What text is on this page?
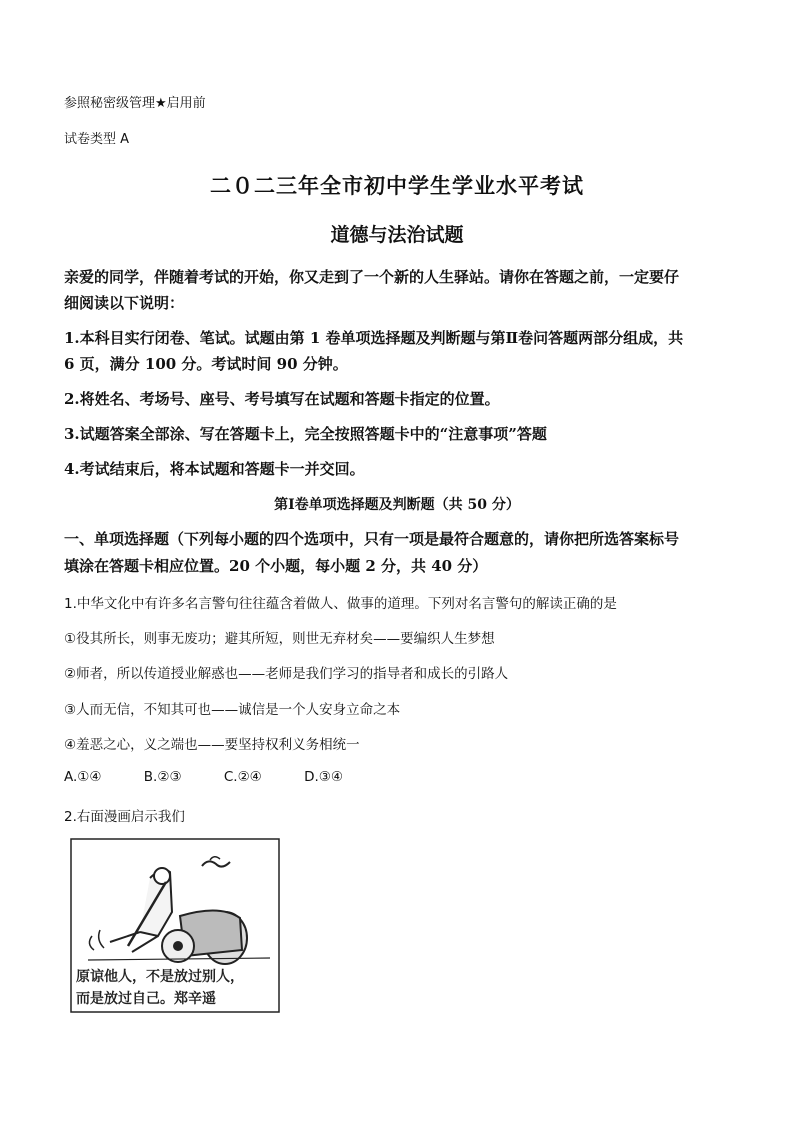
参照秘密级管理★启用前
试卷类型 A
二０二三年全市初中学生学业水平考试
道德与法治试题
亲爱的同学，伴随着考试的开始，你又走到了一个新的人生驿站。请你在答题之前，一定要仔
细阅读以下说明：
1.本科目实行闭卷、笔试。试题由第 1 卷单项选择题及判断题与第Ⅱ卷问答题两部分组成，共
6 页，满分 100 分。考试时间 90 分钟。
2.将姓名、考场号、座号、考号填写在试题和答题卡指定的位置。
3.试题答案全部涂、写在答题卡上，完全按照答题卡中的“注意事项”答题
4.考试结束后，将本试题和答题卡一并交回。
第Ⅰ卷单项选择题及判断题（共 50 分）
一、单项选择题（下列每小题的四个选项中，只有一项是最符合题意的，请你把所选答案标号
填涂在答题卡相应位置。20 个小题，每小题 2 分，共 40 分）
1.中华文化中有许多名言警句往往蕴含着做人、做事的道理。下列对名言警句的解读正确的是
①役其所长，则事无废功；避其所短，则世无弃材矣——要编织人生梦想
②师者，所以传道授业解惑也——老师是我们学习的指导者和成长的引路人
③人而无信，不知其可也——诚信是一个人安身立命之本
④羞恶之心，义之端也——要坚持权利义务相统一
A.①④	B.②③	C.②④	D.③④
2.右面漫画启示我们
原谅他人，不是放过别人，
而是放过自己。郑辛遥
